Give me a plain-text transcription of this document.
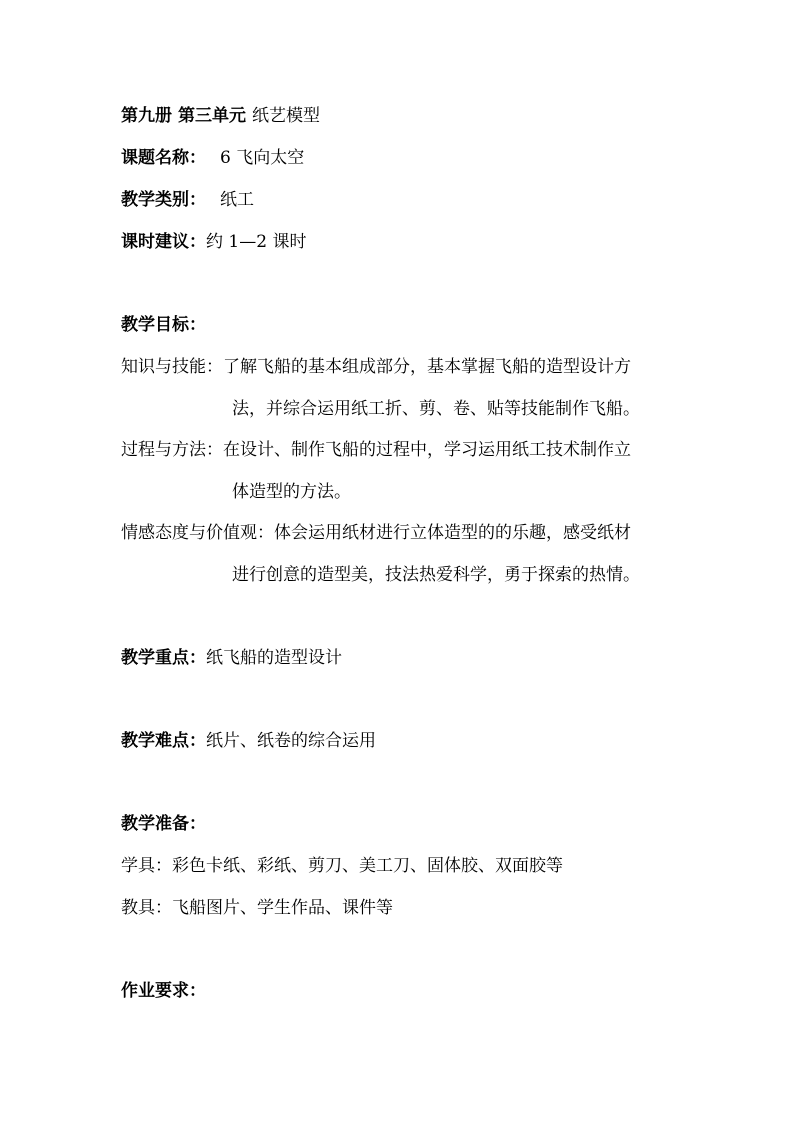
第九册 第三单元 纸艺模型
课题名称： 6 飞向太空
教学类别： 纸工
课时建议：约 1—2 课时
教学目标：
知识与技能：了解飞船的基本组成部分，基本掌握飞船的造型设计方
法，并综合运用纸工折、剪、卷、贴等技能制作飞船。
过程与方法：在设计、制作飞船的过程中，学习运用纸工技术制作立
体造型的方法。
情感态度与价值观：体会运用纸材进行立体造型的的乐趣，感受纸材
进行创意的造型美，技法热爱科学，勇于探索的热情。
教学重点：纸飞船的造型设计
教学难点：纸片、纸卷的综合运用
教学准备：
学具：彩色卡纸、彩纸、剪刀、美工刀、固体胶、双面胶等
教具：飞船图片、学生作品、课件等
作业要求：
